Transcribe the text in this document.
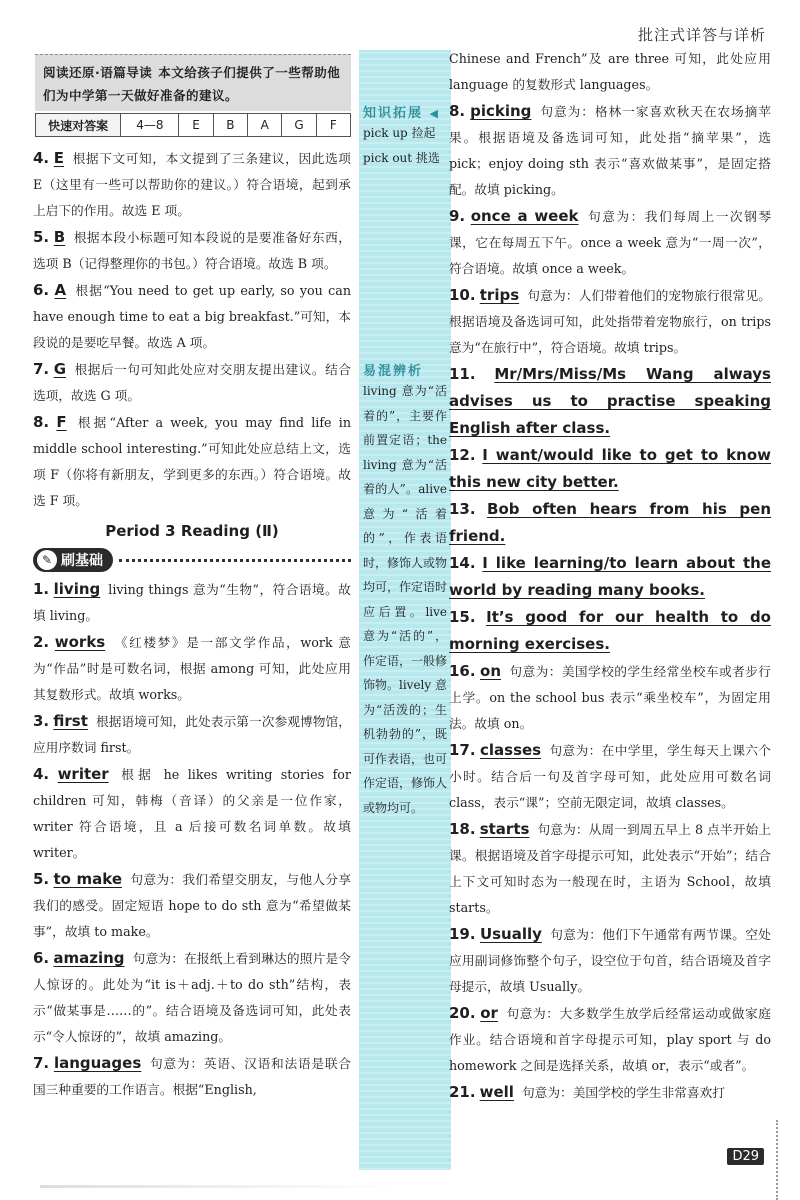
批注式详答与详析
阅读还原·语篇导读 本文给孩子们提供了一些帮助他们为中学第一天做好准备的建议。
快速对答案	4—8	E	B	A	G	F
4. E 根据下文可知，本文提到了三条建议，因此选项 E（这里有一些可以帮助你的建议。）符合语境，起到承上启下的作用。故选 E 项。
5. B 根据本段小标题可知本段说的是要准备好东西，选项 B（记得整理你的书包。）符合语境。故选 B 项。
6. A 根据“You need to get up early, so you can have enough time to eat a big breakfast.”可知，本段说的是要吃早餐。故选 A 项。
7. G 根据后一句可知此处应对交朋友提出建议。结合选项，故选 G 项。
8. F 根据“After a week, you may find life in middle school interesting.”可知此处应总结上文，选项 F（你将有新朋友，学到更多的东西。）符合语境。故选 F 项。
Period 3 Reading (Ⅱ)
✎ 刷基础
1. living living things 意为“生物”，符合语境。故填 living。
2. works 《红楼梦》是一部文学作品，work 意为“作品”时是可数名词，根据 among 可知，此处应用其复数形式。故填 works。
3. first 根据语境可知，此处表示第一次参观博物馆，应用序数词 first。
4. writer 根据 he likes writing stories for children 可知，韩梅（音译）的父亲是一位作家，writer 符合语境，且 a 后接可数名词单数。故填 writer。
5. to make 句意为：我们希望交朋友，与他人分享我们的感受。固定短语 hope to do sth 意为“希望做某事”，故填 to make。
6. amazing 句意为：在报纸上看到琳达的照片是令人惊讶的。此处为“it is＋adj.＋to do sth”结构，表示“做某事是……的”。结合语境及备选词可知，此处表示“令人惊讶的”，故填 amazing。
7. languages 句意为：英语、汉语和法语是联合国三种重要的工作语言。根据“English,
知识拓展 ◀
pick up 捡起
pick out 挑选
易混辨析
living 意为“活着的”，主要作前置定语；the living 意为“活着的人”。alive 意为“活着的”，作表语时，修饰人或物均可，作定语时应后置。live 意为“活的”，作定语，一般修饰物。lively 意为“活泼的；生机勃勃的”，既可作表语，也可作定语，修饰人或物均可。
Chinese and French”及 are three 可知，此处应用 language 的复数形式 languages。
8. picking 句意为：格林一家喜欢秋天在农场摘苹果。根据语境及备选词可知，此处指“摘苹果”，选 pick；enjoy doing sth 表示“喜欢做某事”，是固定搭配。故填 picking。
9. once a week 句意为：我们每周上一次钢琴课，它在每周五下午。once a week 意为“一周一次”，符合语境。故填 once a week。
10. trips 句意为：人们带着他们的宠物旅行很常见。根据语境及备选词可知，此处指带着宠物旅行，on trips 意为“在旅行中”，符合语境。故填 trips。
11. Mr/Mrs/Miss/Ms Wang always advises us to practise speaking English after class.
12. I want/would like to get to know this new city better.
13. Bob often hears from his pen friend.
14. I like learning/to learn about the world by reading many books.
15. It’s good for our health to do morning exercises.
16. on 句意为：美国学校的学生经常坐校车或者步行上学。on the school bus 表示“乘坐校车”，为固定用法。故填 on。
17. classes 句意为：在中学里，学生每天上课六个小时。结合后一句及首字母可知，此处应用可数名词 class，表示“课”；空前无限定词，故填 classes。
18. starts 句意为：从周一到周五早上 8 点半开始上课。根据语境及首字母提示可知，此处表示“开始”；结合上下文可知时态为一般现在时，主语为 School，故填 starts。
19. Usually 句意为：他们下午通常有两节课。空处应用副词修饰整个句子，设空位于句首，结合语境及首字母提示，故填 Usually。
20. or 句意为：大多数学生放学后经常运动或做家庭作业。结合语境和首字母提示可知，play sport 与 do homework 之间是选择关系，故填 or，表示“或者”。
21. well 句意为：美国学校的学生非常喜欢打
D29
